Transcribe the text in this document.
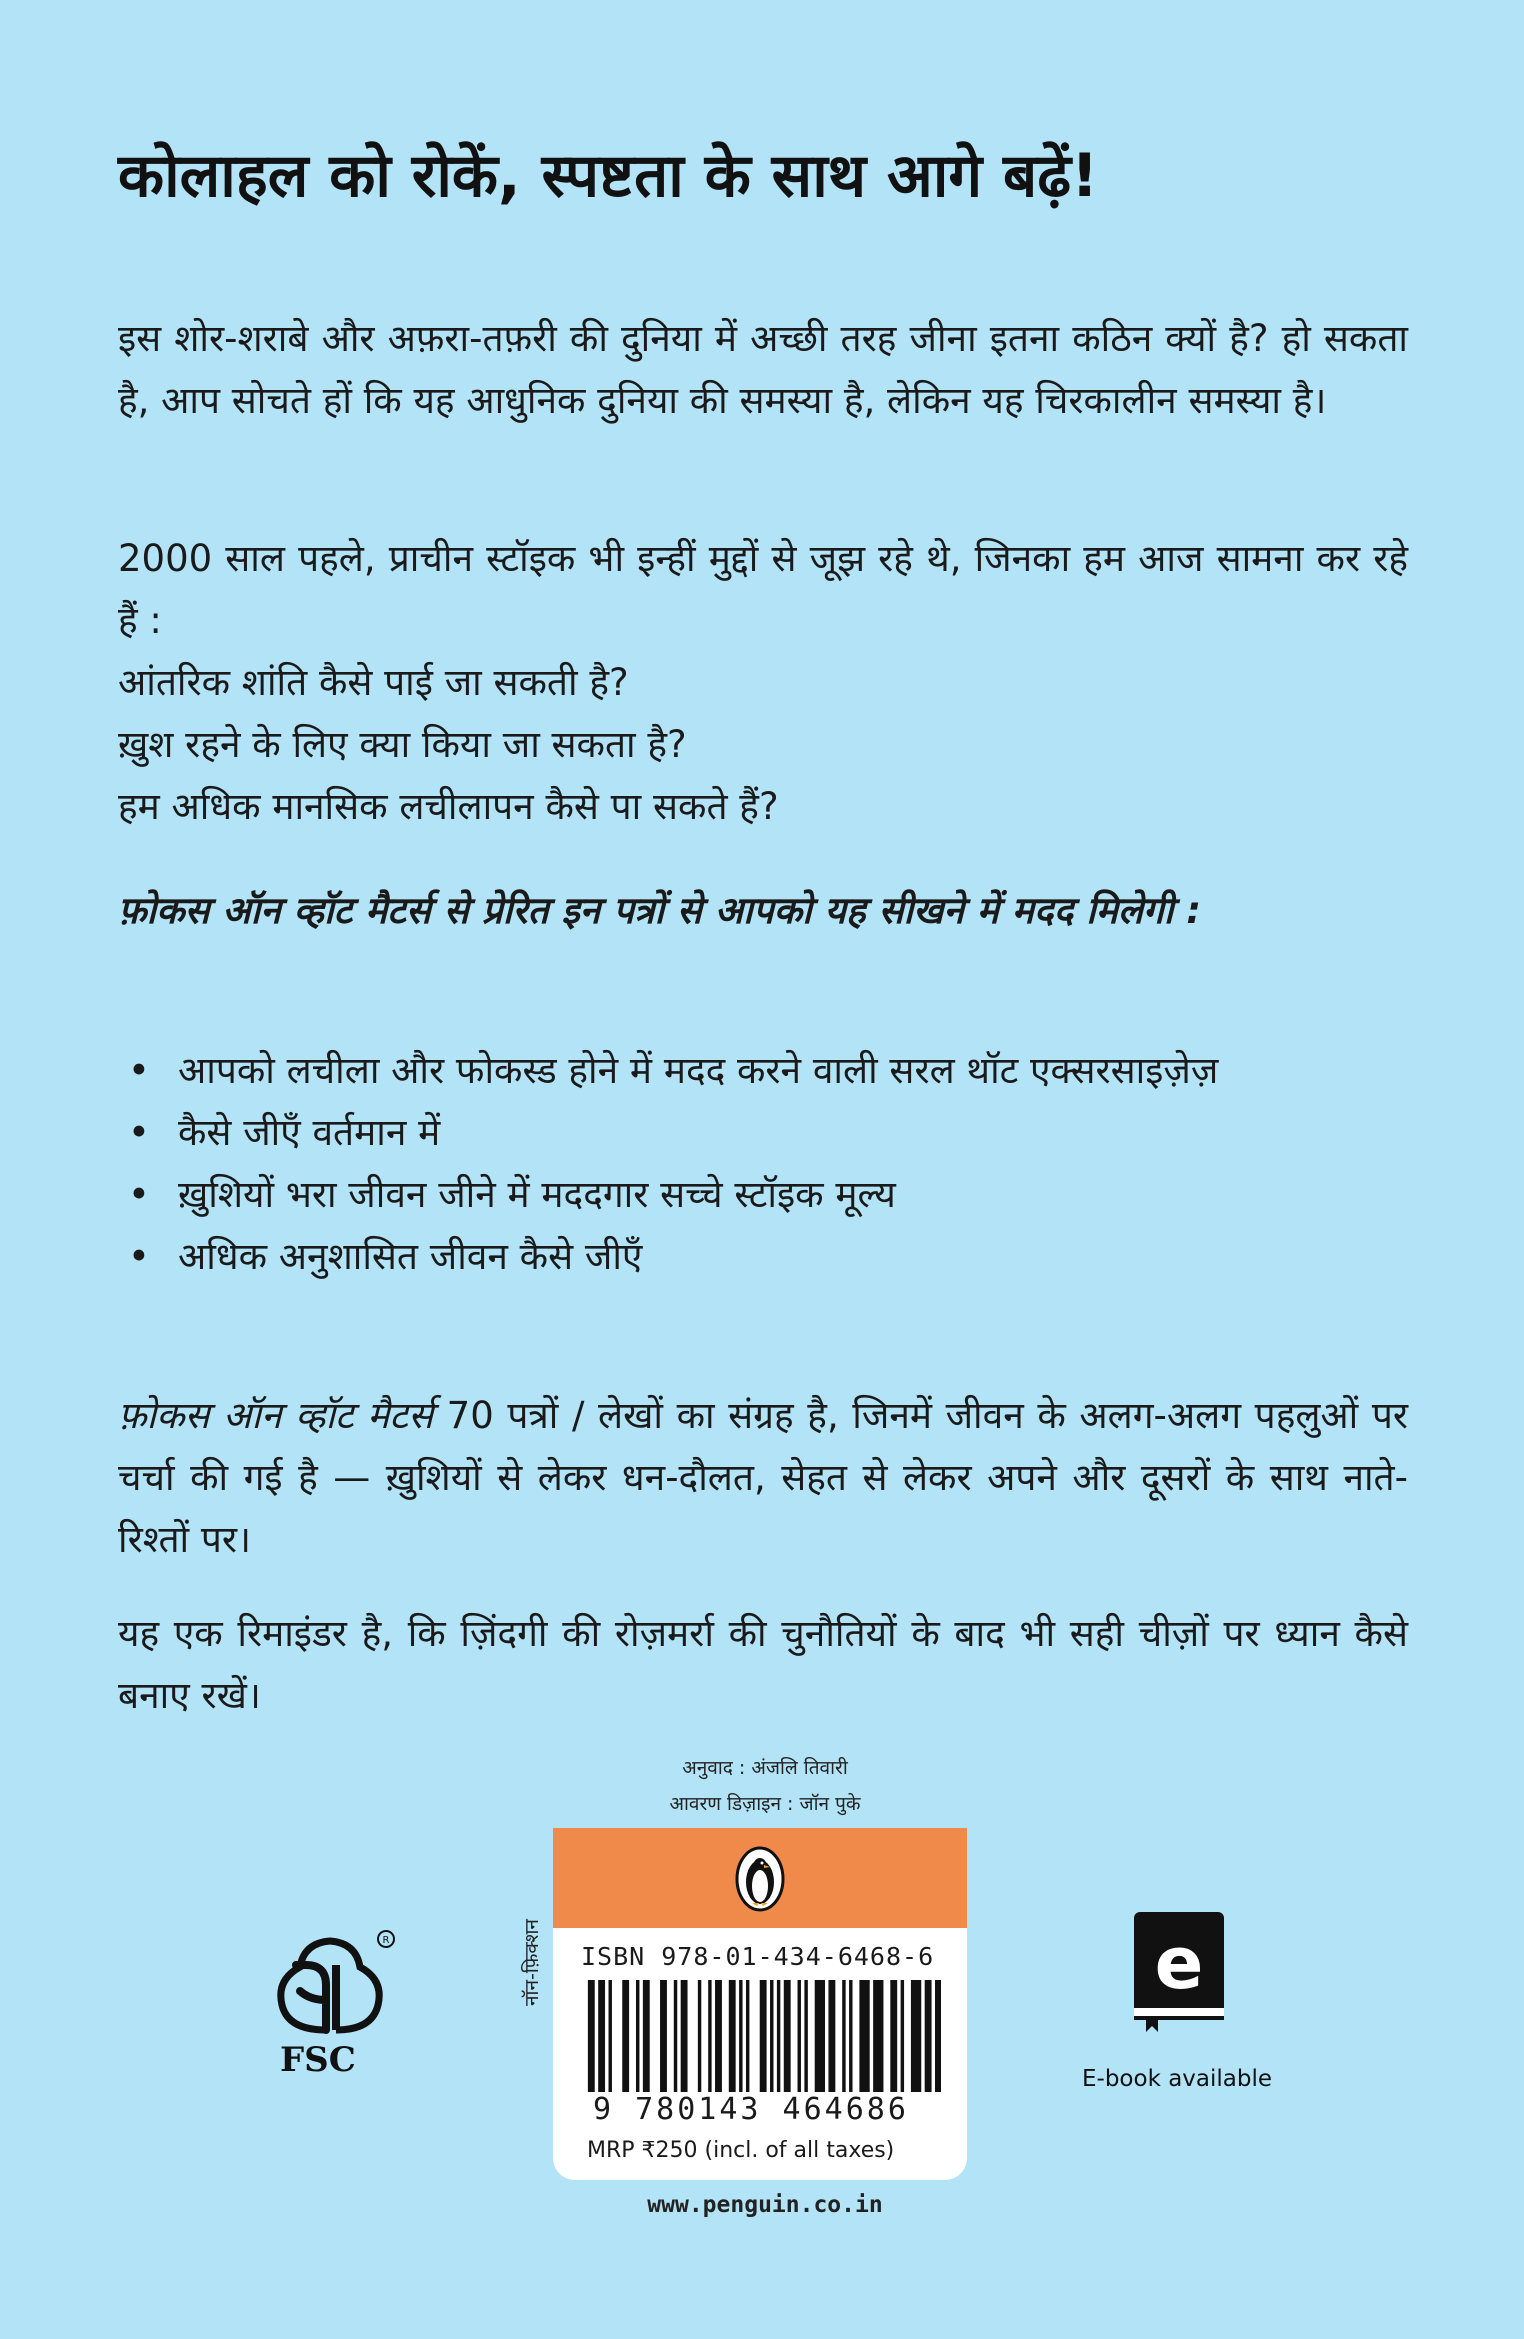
कोलाहल को रोकें, स्पष्टता के साथ आगे बढ़ें!
इस शोर-शराबे और अफ़रा-तफ़री की दुनिया में अच्छी तरह जीना इतना कठिन क्यों है? हो सकता है, आप सोचते हों कि यह आधुनिक दुनिया की समस्या है, लेकिन यह चिरकालीन समस्या है।
2000 साल पहले, प्राचीन स्टॉइक भी इन्हीं मुद्दों से जूझ रहे थे, जिनका हम आज सामना कर रहे हैं :
आंतरिक शांति कैसे पाई जा सकती है?
ख़ुश रहने के लिए क्या किया जा सकता है?
हम अधिक मानसिक लचीलापन कैसे पा सकते हैं?
फ़ोकस ऑन व्हॉट मैटर्स से प्रेरित इन पत्रों से आपको यह सीखने में मदद मिलेगी :
• आपको लचीला और फोकस्ड होने में मदद करने वाली सरल थॉट एक्सरसाइज़ेज़
• कैसे जीएँ वर्तमान में
• ख़ुशियों भरा जीवन जीने में मददगार सच्चे स्टॉइक मूल्य
• अधिक अनुशासित जीवन कैसे जीएँ
फ़ोकस ऑन व्हॉट मैटर्स 70 पत्रों / लेखों का संग्रह है, जिनमें जीवन के अलग-अलग पहलुओं पर चर्चा की गई है — ख़ुशियों से लेकर धन-दौलत, सेहत से लेकर अपने और दूसरों के साथ नाते-रिश्तों पर।
यह एक रिमाइंडर है, कि ज़िंदगी की रोज़मर्रा की चुनौतियों के बाद भी सही चीज़ों पर ध्यान कैसे बनाए रखें।
अनुवाद : अंजलि तिवारी
आवरण डिज़ाइन : जॉन पुके
नॉन-फ़िक्शन ISBN 978-01-434-6468-6
9 780143 464686
MRP ₹250 (incl. of all taxes)
www.penguin.co.in
R
FSC
e
E-book available
